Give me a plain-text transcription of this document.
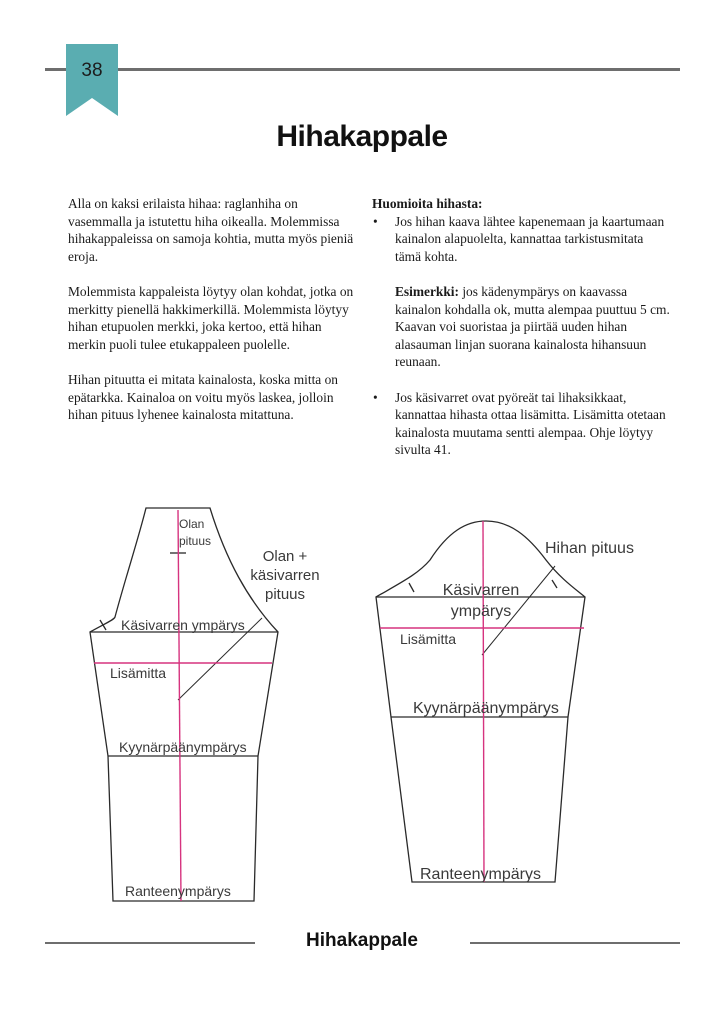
38
Hihakappale

Alla on kaksi erilaista hihaa: raglanhiha on vasemmalla ja istutettu hiha oikealla. Molemmissa hihakappaleissa on samoja kohtia, mutta myös pieniä eroja.

Molemmista kappaleista löytyy olan kohdat, jotka on merkitty pienellä hakkimerkillä. Molemmista löytyy hihan etupuolen merkki, joka kertoo, että hihan merkin puoli tulee etukappaleen puolelle.

Hihan pituutta ei mitata kainalosta, koska mitta on epätarkka. Kainaloa on voitu myös laskea, jolloin hihan pituus lyhenee kainalosta mitattuna.

Huomioita hihasta:

• Jos hihan kaava lähtee kapenemaan ja kaartumaan kainalon alapuolelta, kannattaa tarkistusmitata tämä kohta.
Esimerkki: jos kädenympärys on kaavassa kainalon kohdalla ok, mutta alempaa puuttuu 5 cm. Kaavan voi suoristaa ja piirtää uuden hihan alasauman linjan suorana kainalosta hihansuun reunaan.
• Jos käsivarret ovat pyöreät tai lihaksikkaat, kannattaa hihasta ottaa lisämitta. Lisämitta otetaan kainalosta muutama sentti alempaa. Ohje löytyy sivulta 41.
Olan
pituus
Olan +
käsivarren
pituus
Käsivarren ympärys
Lisämitta
Kyynärpäänympärys
Ranteenympärys
Hihan pituus
Käsivarren
ympärys
Lisämitta
Kyynärpäänympärys
Ranteenympärys
Hihakappale
